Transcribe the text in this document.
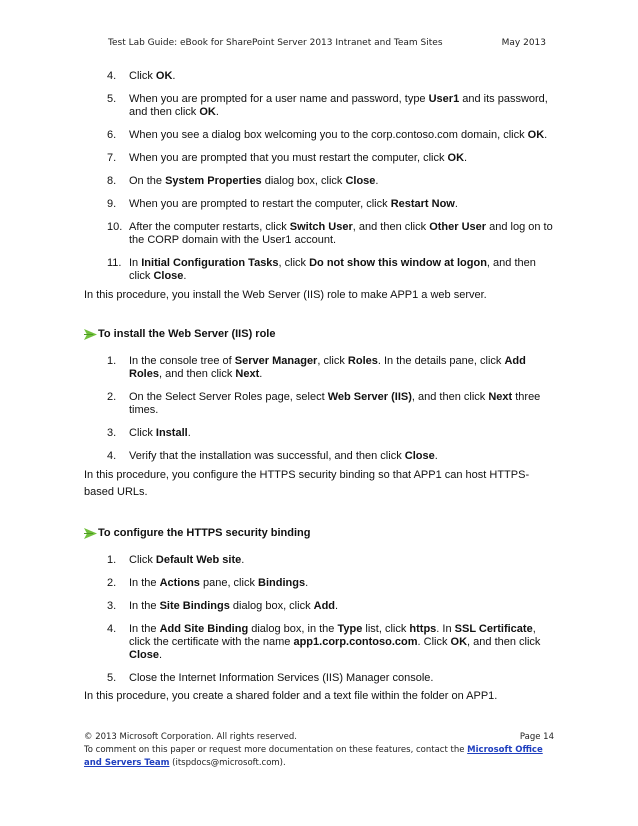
Test Lab Guide: eBook for SharePoint Server 2013 Intranet and Team Sites	May 2013
4.	Click OK.
5.	When you are prompted for a user name and password, type User1 and its password, and then click OK.
6.	When you see a dialog box welcoming you to the corp.contoso.com domain, click OK.
7.	When you are prompted that you must restart the computer, click OK.
8.	On the System Properties dialog box, click Close.
9.	When you are prompted to restart the computer, click Restart Now.
10. After the computer restarts, click Switch User, and then click Other User and log on to the CORP domain with the User1 account.
11. In Initial Configuration Tasks, click Do not show this window at logon, and then click Close.

In this procedure, you install the Web Server (IIS) role to make APP1 a web server.

To install the Web Server (IIS) role
1.	In the console tree of Server Manager, click Roles. In the details pane, click Add Roles, and then click Next.
2.	On the Select Server Roles page, select Web Server (IIS), and then click Next three times.
3.	Click Install.
4.	Verify that the installation was successful, and then click Close.

In this procedure, you configure the HTTPS security binding so that APP1 can host HTTPS-based URLs.

To configure the HTTPS security binding
1.	Click Default Web site.
2.	In the Actions pane, click Bindings.
3.	In the Site Bindings dialog box, click Add.
4.	In the Add Site Binding dialog box, in the Type list, click https. In SSL Certificate, click the certificate with the name app1.corp.contoso.com. Click OK, and then click Close.
5.	Close the Internet Information Services (IIS) Manager console.

In this procedure, you create a shared folder and a text file within the folder on APP1.

© 2013 Microsoft Corporation. All rights reserved.	Page 14
To comment on this paper or request more documentation on these features, contact the Microsoft Office and Servers Team (itspdocs@microsoft.com).
